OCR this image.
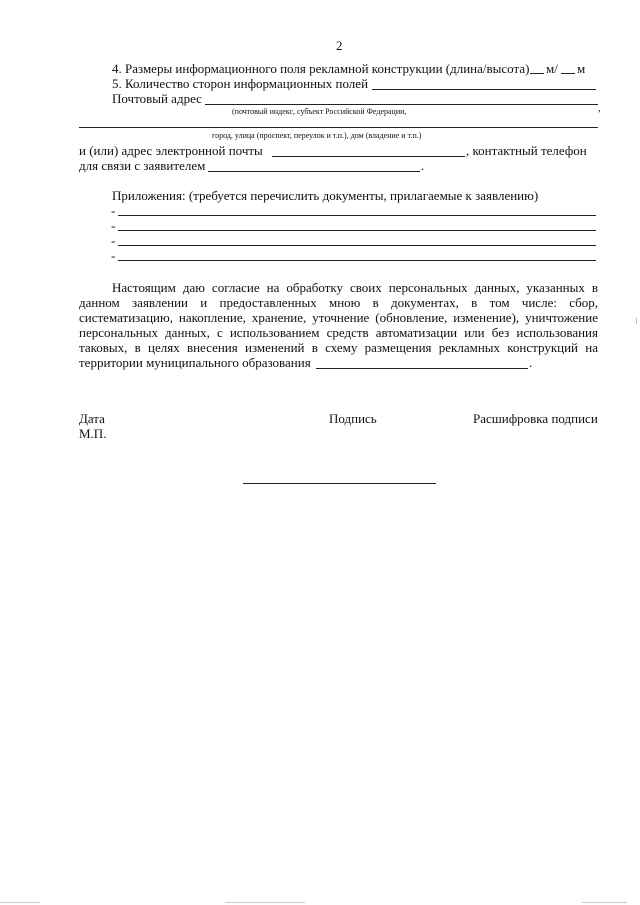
2
4. Размеры информационного поля рекламной конструкции (длина/высота) м/ м
5. Количество сторон информационных полей
Почтовый адрес
(почтовый индекс, субъект Российской Федерации,	,
город, улица (проспект, переулок и т.п.), дом (владение и т.п.)
и (или) адрес электронной почты	, контактный телефон
для связи с заявителем	.
Приложения: (требуется перечислить документы, прилагаемые к заявлению)
-
-
-
-
Настоящим даю согласие на обработку своих персональных данных, указанных в
данном заявлении и предоставленных мною в документах, в том числе: сбор,
систематизацию, накопление, хранение, уточнение (обновление, изменение), уничтожение
персональных данных, с использованием средств автоматизации или без использования
таковых, в целях внесения изменений в схему размещения рекламных конструкций на
территории муниципального образования	.
Дата
М.П.
Подпись	Расшифровка подписи
